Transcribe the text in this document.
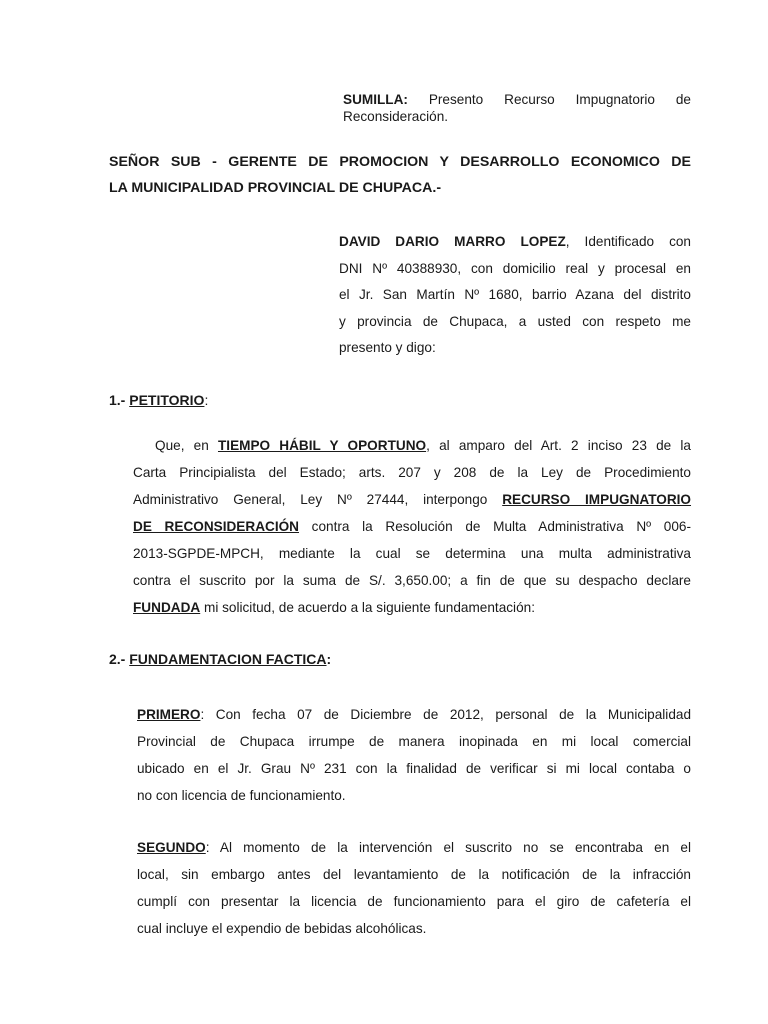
SUMILLA: Presento Recurso Impugnatorio de
Reconsideración.
SEÑOR SUB - GERENTE DE PROMOCION Y DESARROLLO ECONOMICO DE
LA MUNICIPALIDAD PROVINCIAL DE CHUPACA.-
DAVID DARIO MARRO LOPEZ, Identificado con
DNI Nº 40388930, con domicilio real y procesal en
el Jr. San Martín Nº 1680, barrio Azana del distrito
y provincia de Chupaca, a usted con respeto me
presento y digo:
1.- PETITORIO:
Que, en TIEMPO HÁBIL Y OPORTUNO, al amparo del Art. 2 inciso 23 de la
Carta Principialista del Estado; arts. 207 y 208 de la Ley de Procedimiento
Administrativo General, Ley Nº 27444, interpongo RECURSO IMPUGNATORIO
DE RECONSIDERACIÓN contra la Resolución de Multa Administrativa Nº 006-
2013-SGPDE-MPCH, mediante la cual se determina una multa administrativa
contra el suscrito por la suma de S/. 3,650.00; a fin de que su despacho declare
FUNDADA mi solicitud, de acuerdo a la siguiente fundamentación:
2.- FUNDAMENTACION FACTICA:
PRIMERO: Con fecha 07 de Diciembre de 2012, personal de la Municipalidad
Provincial de Chupaca irrumpe de manera inopinada en mi local comercial
ubicado en el Jr. Grau Nº 231 con la finalidad de verificar si mi local contaba o
no con licencia de funcionamiento.
SEGUNDO: Al momento de la intervención el suscrito no se encontraba en el
local, sin embargo antes del levantamiento de la notificación de la infracción
cumplí con presentar la licencia de funcionamiento para el giro de cafetería el
cual incluye el expendio de bebidas alcohólicas.
